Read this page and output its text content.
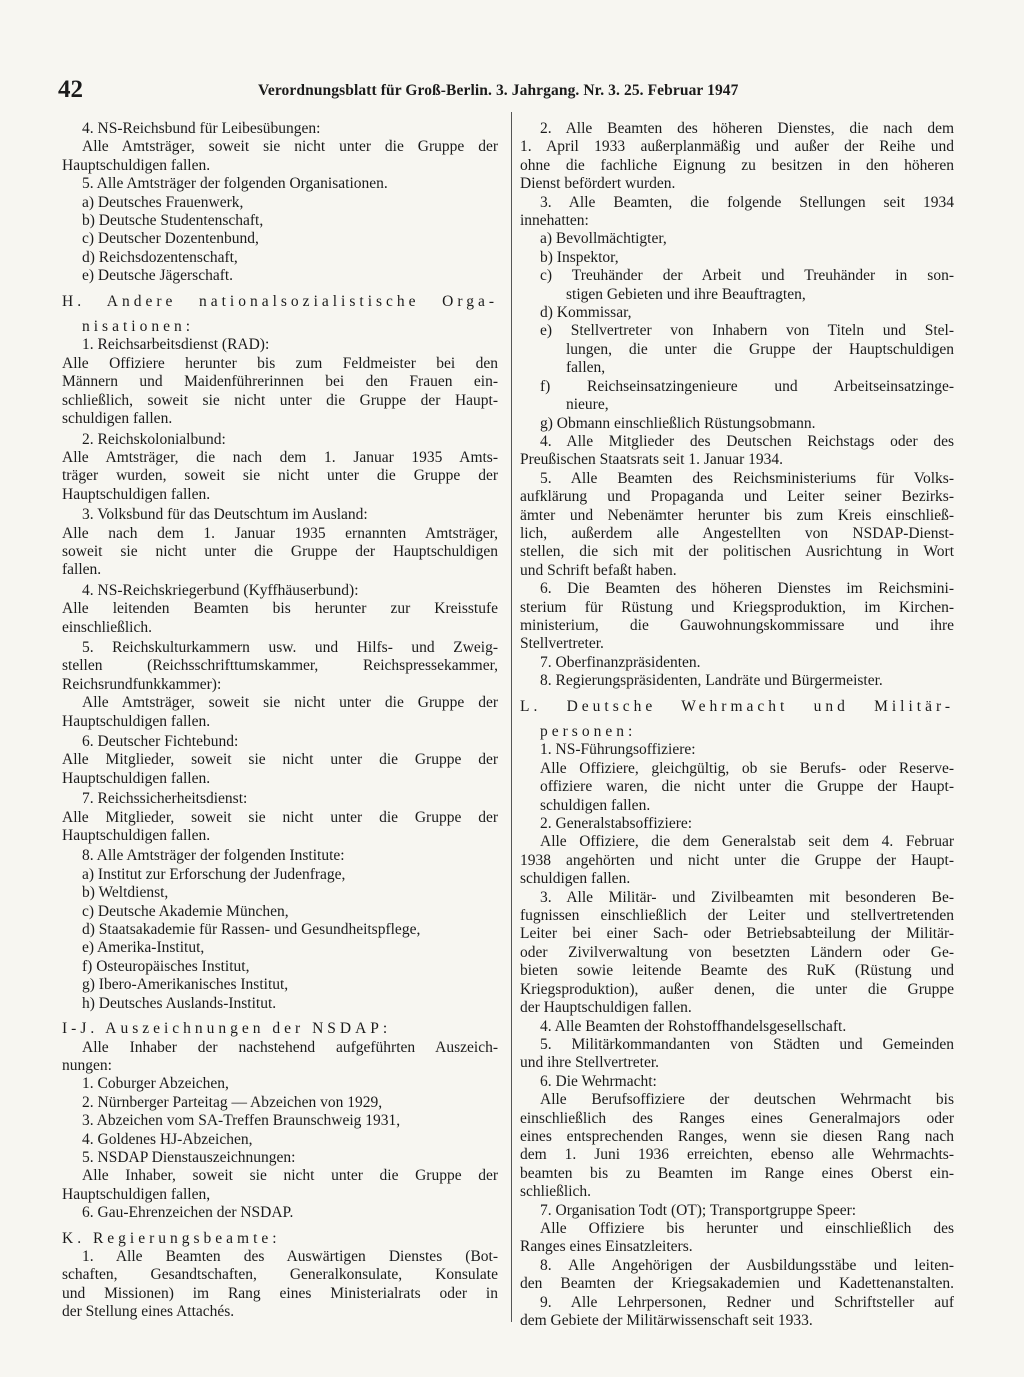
42	Verordnungsblatt für Groß-Berlin. 3. Jahrgang. Nr. 3. 25. Februar 1947
4. NS-Reichsbund für Leibesübungen:
Alle Amtsträger, soweit sie nicht unter die Gruppe der
Hauptschuldigen fallen.
5. Alle Amtsträger der folgenden Organisationen.
a) Deutsches Frauenwerk,
b) Deutsche Studentenschaft,
c) Deutscher Dozentenbund,
d) Reichsdozentenschaft,
e) Deutsche Jägerschaft.
H. Andere nationalsozialistische Orga-
nisationen:
1. Reichsarbeitsdienst (RAD):
Alle Offiziere herunter bis zum Feldmeister bei den
Männern und Maidenführerinnen bei den Frauen ein-
schließlich, soweit sie nicht unter die Gruppe der Haupt-
schuldigen fallen.
2. Reichskolonialbund:
Alle Amtsträger, die nach dem 1. Januar 1935 Amts-
träger wurden, soweit sie nicht unter die Gruppe der
Hauptschuldigen fallen.
3. Volksbund für das Deutschtum im Ausland:
Alle nach dem 1. Januar 1935 ernannten Amtsträger,
soweit sie nicht unter die Gruppe der Hauptschuldigen
fallen.
4. NS-Reichskriegerbund (Kyffhäuserbund):
Alle leitenden Beamten bis herunter zur Kreisstufe
einschließlich.
5. Reichskulturkammern usw. und Hilfs- und Zweig-
stellen (Reichsschrifttumskammer, Reichspressekammer,
Reichsrundfunkkammer):
Alle Amtsträger, soweit sie nicht unter die Gruppe der
Hauptschuldigen fallen.
6. Deutscher Fichtebund:
Alle Mitglieder, soweit sie nicht unter die Gruppe der
Hauptschuldigen fallen.
7. Reichssicherheitsdienst:
Alle Mitglieder, soweit sie nicht unter die Gruppe der
Hauptschuldigen fallen.
8. Alle Amtsträger der folgenden Institute:
a) Institut zur Erforschung der Judenfrage,
b) Weltdienst,
c) Deutsche Akademie München,
d) Staatsakademie für Rassen- und Gesundheitspflege,
e) Amerika-Institut,
f) Osteuropäisches Institut,
g) Ibero-Amerikanisches Institut,
h) Deutsches Auslands-Institut.
I-J. Auszeichnungen der NSDAP:
Alle Inhaber der nachstehend aufgeführten Auszeich-
nungen:
1. Coburger Abzeichen,
2. Nürnberger Parteitag — Abzeichen von 1929,
3. Abzeichen vom SA-Treffen Braunschweig 1931,
4. Goldenes HJ-Abzeichen,
5. NSDAP Dienstauszeichnungen:
Alle Inhaber, soweit sie nicht unter die Gruppe der
Hauptschuldigen fallen,
6. Gau-Ehrenzeichen der NSDAP.
K. Regierungsbeamte:
1. Alle Beamten des Auswärtigen Dienstes (Bot-
schaften, Gesandtschaften, Generalkonsulate, Konsulate
und Missionen) im Rang eines Ministerialrats oder in
der Stellung eines Attachés.
2. Alle Beamten des höheren Dienstes, die nach dem
1. April 1933 außerplanmäßig und außer der Reihe und
ohne die fachliche Eignung zu besitzen in den höheren
Dienst befördert wurden.
3. Alle Beamten, die folgende Stellungen seit 1934
innehatten:
a) Bevollmächtigter,
b) Inspektor,
c) Treuhänder der Arbeit und Treuhänder in son-
stigen Gebieten und ihre Beauftragten,
d) Kommissar,
e) Stellvertreter von Inhabern von Titeln und Stel-
lungen, die unter die Gruppe der Hauptschuldigen
fallen,
f) Reichseinsatzingenieure und Arbeitseinsatzinge-
nieure,
g) Obmann einschließlich Rüstungsobmann.
4. Alle Mitglieder des Deutschen Reichstags oder des
Preußischen Staatsrats seit 1. Januar 1934.
5. Alle Beamten des Reichsministeriums für Volks-
aufklärung und Propaganda und Leiter seiner Bezirks-
ämter und Nebenämter herunter bis zum Kreis einschließ-
lich, außerdem alle Angestellten von NSDAP-Dienst-
stellen, die sich mit der politischen Ausrichtung in Wort
und Schrift befaßt haben.
6. Die Beamten des höheren Dienstes im Reichsmini-
sterium für Rüstung und Kriegsproduktion, im Kirchen-
ministerium, die Gauwohnungskommissare und ihre
Stellvertreter.
7. Oberfinanzpräsidenten.
8. Regierungspräsidenten, Landräte und Bürgermeister.
L. Deutsche Wehrmacht und Militär-
personen:
1. NS-Führungsoffiziere:
Alle Offiziere, gleichgültig, ob sie Berufs- oder Reserve-
offiziere waren, die nicht unter die Gruppe der Haupt-
schuldigen fallen.
2. Generalstabsoffiziere:
Alle Offiziere, die dem Generalstab seit dem 4. Februar
1938 angehörten und nicht unter die Gruppe der Haupt-
schuldigen fallen.
3. Alle Militär- und Zivilbeamten mit besonderen Be-
fugnissen einschließlich der Leiter und stellvertretenden
Leiter bei einer Sach- oder Betriebsabteilung der Militär-
oder Zivilverwaltung von besetzten Ländern oder Ge-
bieten sowie leitende Beamte des RuK (Rüstung und
Kriegsproduktion), außer denen, die unter die Gruppe
der Hauptschuldigen fallen.
4. Alle Beamten der Rohstoffhandelsgesellschaft.
5. Militärkommandanten von Städten und Gemeinden
und ihre Stellvertreter.
6. Die Wehrmacht:
Alle Berufsoffiziere der deutschen Wehrmacht bis
einschließlich des Ranges eines Generalmajors oder
eines entsprechenden Ranges, wenn sie diesen Rang nach
dem 1. Juni 1936 erreichten, ebenso alle Wehrmachts-
beamten bis zu Beamten im Range eines Oberst ein-
schließlich.
7. Organisation Todt (OT); Transportgruppe Speer:
Alle Offiziere bis herunter und einschließlich des
Ranges eines Einsatzleiters.
8. Alle Angehörigen der Ausbildungsstäbe und leiten-
den Beamten der Kriegsakademien und Kadettenanstalten.
9. Alle Lehrpersonen, Redner und Schriftsteller auf
dem Gebiete der Militärwissenschaft seit 1933.
